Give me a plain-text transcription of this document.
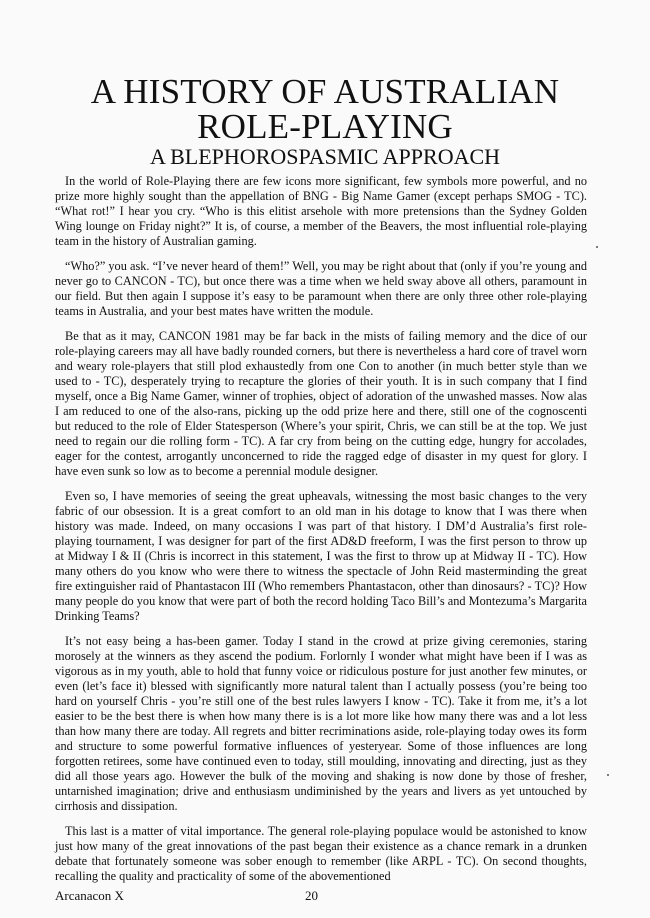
A HISTORY OF AUSTRALIAN
ROLE-PLAYING
A BLEPHOROSPASMIC APPROACH

In the world of Role-Playing there are few icons more significant, few symbols more powerful, and no prize more highly sought than the appellation of BNG - Big Name Gamer (except perhaps SMOG - TC). “What rot!” I hear you cry. “Who is this elitist arsehole with more pretensions than the Sydney Golden Wing lounge on Friday night?” It is, of course, a member of the Beavers, the most influential role-playing team in the history of Australian gaming.

“Who?” you ask. “I’ve never heard of them!” Well, you may be right about that (only if you’re young and never go to CANCON - TC), but once there was a time when we held sway above all others, paramount in our field. But then again I suppose it’s easy to be paramount when there are only three other role-playing teams in Australia, and your best mates have written the module.

Be that as it may, CANCON 1981 may be far back in the mists of failing memory and the dice of our role-playing careers may all have badly rounded corners, but there is nevertheless a hard core of travel worn and weary role-players that still plod exhaustedly from one Con to another (in much better style than we used to - TC), desperately trying to recapture the glories of their youth. It is in such company that I find myself, once a Big Name Gamer, winner of trophies, object of adoration of the unwashed masses. Now alas I am reduced to one of the also-rans, picking up the odd prize here and there, still one of the cognoscenti but reduced to the role of Elder Statesperson (Where’s your spirit, Chris, we can still be at the top. We just need to regain our die rolling form - TC). A far cry from being on the cutting edge, hungry for accolades, eager for the contest, arrogantly unconcerned to ride the ragged edge of disaster in my quest for glory. I have even sunk so low as to become a perennial module designer.

Even so, I have memories of seeing the great upheavals, witnessing the most basic changes to the very fabric of our obsession. It is a great comfort to an old man in his dotage to know that I was there when history was made. Indeed, on many occasions I was part of that history. I DM’d Australia’s first role-playing tournament, I was designer for part of the first AD&D freeform, I was the first person to throw up at Midway I & II (Chris is incorrect in this statement, I was the first to throw up at Midway II - TC). How many others do you know who were there to witness the spectacle of John Reid masterminding the great fire extinguisher raid of Phantastacon III (Who remembers Phantastacon, other than dinosaurs? - TC)? How many people do you know that were part of both the record holding Taco Bill’s and Montezuma’s Margarita Drinking Teams?

It’s not easy being a has-been gamer. Today I stand in the crowd at prize giving ceremonies, staring morosely at the winners as they ascend the podium. Forlornly I wonder what might have been if I was as vigorous as in my youth, able to hold that funny voice or ridiculous posture for just another few minutes, or even (let’s face it) blessed with significantly more natural talent than I actually possess (you’re being too hard on yourself Chris - you’re still one of the best rules lawyers I know - TC). Take it from me, it’s a lot easier to be the best there is when how many there is is a lot more like how many there was and a lot less than how many there are today. All regrets and bitter recriminations aside, role-playing today owes its form and structure to some powerful formative influences of yesteryear. Some of those influences are long forgotten retirees, some have continued even to today, still moulding, innovating and directing, just as they did all those years ago. However the bulk of the moving and shaking is now done by those of fresher, untarnished imagination; drive and enthusiasm undiminished by the years and livers as yet untouched by cirrhosis and dissipation.

This last is a matter of vital importance. The general role-playing populace would be astonished to know just how many of the great innovations of the past began their existence as a chance remark in a drunken debate that fortunately someone was sober enough to remember (like ARPL - TC). On second thoughts, recalling the quality and practicality of some of the abovementioned

Arcanacon X	20
